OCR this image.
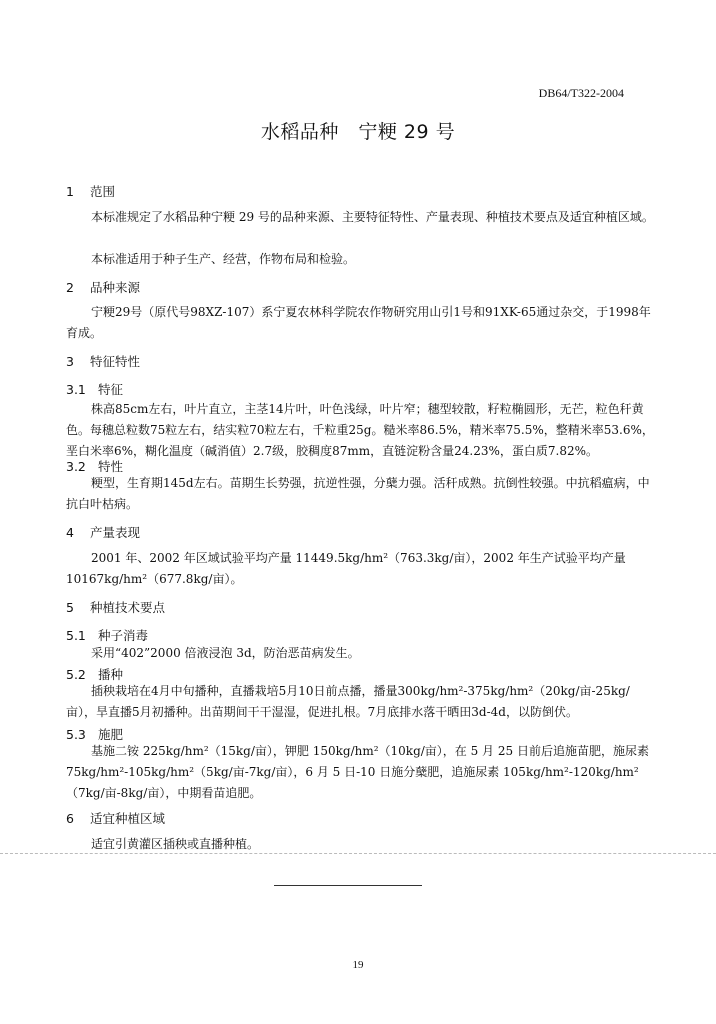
DB64/T322-2004
水稻品种　宁粳 29 号
1 范围
本标准规定了水稻品种宁粳 29 号的品种来源、主要特征特性、产量表现、种植技术要点及适宜种植区域。
本标准适用于种子生产、经营，作物布局和检验。
2 品种来源
宁粳29号（原代号98XZ-107）系宁夏农林科学院农作物研究用山引1号和91XK-65通过杂交，于1998年育成。
3 特征特性
3.1 特征
株高85cm左右，叶片直立，主茎14片叶，叶色浅绿，叶片窄；穗型较散，籽粒椭圆形，无芒，粒色秆黄色。每穗总粒数75粒左右，结实粒70粒左右，千粒重25g。糙米率86.5%，精米率75.5%，整精米率53.6%，垩白米率6%，糊化温度（碱消值）2.7级，胶稠度87mm，直链淀粉含量24.23%，蛋白质7.82%。
3.2 特性
粳型，生育期145d左右。苗期生长势强，抗逆性强，分蘖力强。活秆成熟。抗倒性较强。中抗稻瘟病，中抗白叶枯病。
4 产量表现
2001 年、2002 年区域试验平均产量 11449.5kg/hm²（763.3kg/亩），2002 年生产试验平均产量10167kg/hm²（677.8kg/亩）。
5 种植技术要点
5.1 种子消毒
采用“402”2000 倍液浸泡 3d，防治恶苗病发生。
5.2 播种
插秧栽培在4月中旬播种，直播栽培5月10日前点播，播量300kg/hm²-375kg/hm²（20kg/亩-25kg/亩），旱直播5月初播种。出苗期间干干湿湿，促进扎根。7月底排水落干晒田3d-4d，以防倒伏。
5.3 施肥
基施二铵 225kg/hm²（15kg/亩），钾肥 150kg/hm²（10kg/亩），在 5 月 25 日前后追施苗肥，施尿素75kg/hm²-105kg/hm²（5kg/亩-7kg/亩），6 月 5 日-10 日施分蘖肥，追施尿素 105kg/hm²-120kg/hm²（7kg/亩-8kg/亩），中期看苗追肥。
6 适宜种植区域
适宜引黄灌区插秧或直播种植。
19
